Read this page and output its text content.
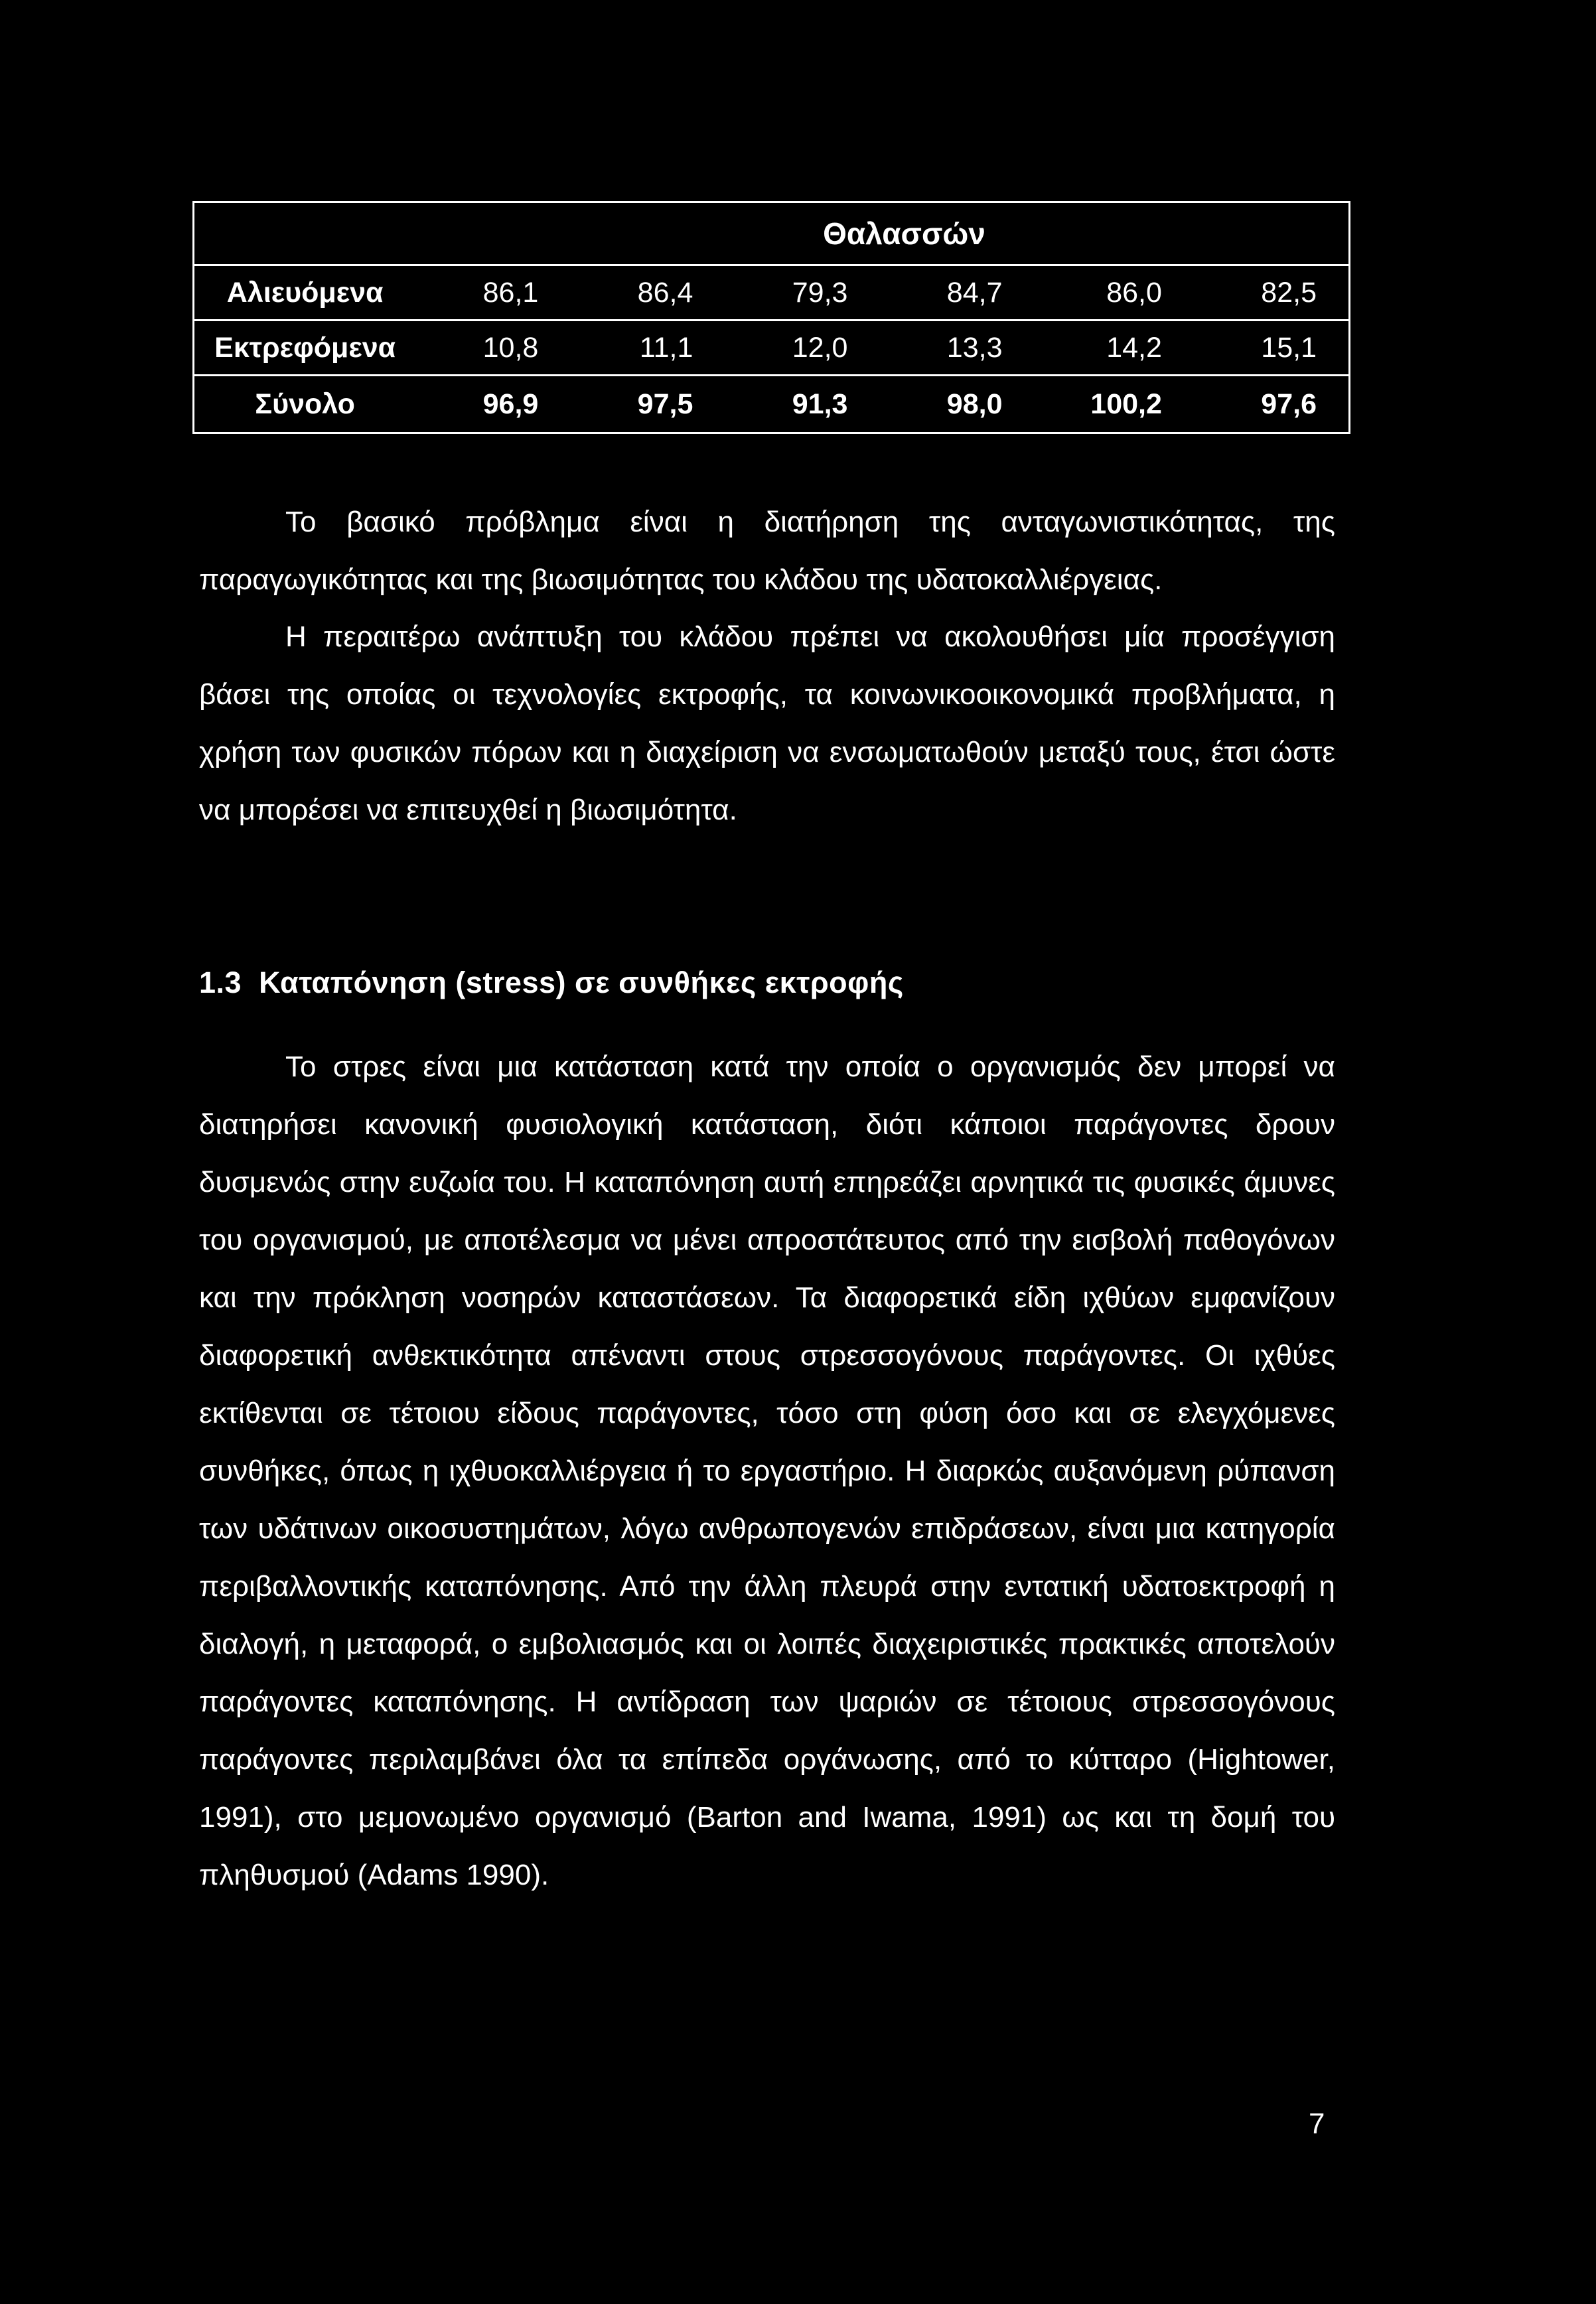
Θαλασσών						
Αλιευόμενα	86,1	86,4	79,3	84,7	86,0	82,5
Εκτρεφόμενα	10,8	11,1	12,0	13,3	14,2	15,1
Σύνολο	96,9	97,5	91,3	98,0	100,2	97,6

Το βασικό πρόβλημα είναι η διατήρηση της ανταγωνιστικότητας, της παραγωγικότητας και της βιωσιμότητας του κλάδου της υδατοκαλλιέργειας.

Η περαιτέρω ανάπτυξη του κλάδου πρέπει να ακολουθήσει μία προσέγγιση βάσει της οποίας οι τεχνολογίες εκτροφής, τα κοινωνικοοικονομικά προβλήματα, η χρήση των φυσικών πόρων και η διαχείριση να ενσωματωθούν μεταξύ τους, έτσι ώστε να μπορέσει να επιτευχθεί η βιωσιμότητα.

1.3 Καταπόνηση (stress) σε συνθήκες εκτροφής

Το στρες είναι μια κατάσταση κατά την οποία ο οργανισμός δεν μπορεί να διατηρήσει κανονική φυσιολογική κατάσταση, διότι κάποιοι παράγοντες δρουν δυσμενώς στην ευζωία του. Η καταπόνηση αυτή επηρεάζει αρνητικά τις φυσικές άμυνες του οργανισμού, με αποτέλεσμα να μένει απροστάτευτος από την εισβολή παθογόνων και την πρόκληση νοσηρών καταστάσεων. Τα διαφορετικά είδη ιχθύων εμφανίζουν διαφορετική ανθεκτικότητα απέναντι στους στρεσσογόνους παράγοντες. Οι ιχθύες εκτίθενται σε τέτοιου είδους παράγοντες, τόσο στη φύση όσο και σε ελεγχόμενες συνθήκες, όπως η ιχθυοκαλλιέργεια ή το εργαστήριο. Η διαρκώς αυξανόμενη ρύπανση των υδάτινων οικοσυστημάτων, λόγω ανθρωπογενών επιδράσεων, είναι μια κατηγορία περιβαλλοντικής καταπόνησης. Από την άλλη πλευρά στην εντατική υδατοεκτροφή η διαλογή, η μεταφορά, ο εμβολιασμός και οι λοιπές διαχειριστικές πρακτικές αποτελούν παράγοντες καταπόνησης. Η αντίδραση των ψαριών σε τέτοιους στρεσσογόνους παράγοντες περιλαμβάνει όλα τα επίπεδα οργάνωσης, από το κύτταρο (Hightower, 1991), στο μεμονωμένο οργανισμό (Barton and Iwama, 1991) ως και τη δομή του πληθυσμού (Adams 1990).

7
